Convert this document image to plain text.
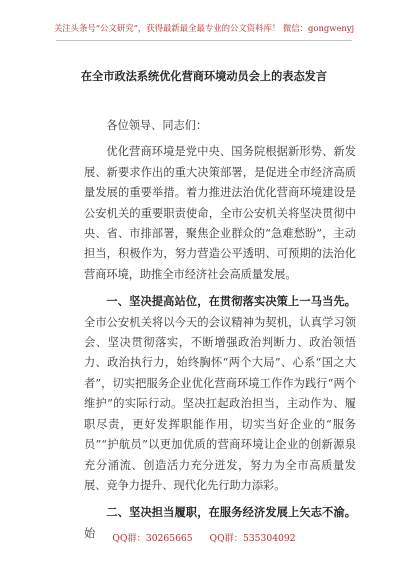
关注头条号“公文研究”，获得最新最全最专业的公文资料库！ 微信：gongwenyj
在全市政法系统优化营商环境动员会上的表态发言

各位领导、同志们：

优化营商环境是党中央、国务院根据新形势、新发展、新要求作出的重大决策部署，是促进全市经济高质量发展的重要举措。着力推进法治优化营商环境建设是公安机关的重要职责使命，全市公安机关将坚决贯彻中央、省、市排部署，聚焦企业群众的“急难愁盼”，主动担当，积极作为，努力营造公平透明、可预期的法治化营商环境，助推全市经济社会高质量发展。

一、坚决提高站位，在贯彻落实决策上一马当先。全市公安机关将以今天的会议精神为契机，认真学习领会、坚决贯彻落实，不断增强政治判断力、政治领悟力、政治执行力，始终胸怀“两个大局”、心系“国之大者”，切实把服务企业优化营商环境工作作为践行“两个维护”的实际行动。坚决扛起政治担当，主动作为、履职尽责，更好发挥职能作用，切实当好企业的“服务员”“护航员”以更加优质的营商环境让企业的创新源泉充分涌流、创造活力充分迸发，努力为全市高质量发展、竞争力提升、现代化先行助力添彩。

二、坚决担当履职，在服务经济发展上矢志不渝。始	QQ群：30265665 QQ群：535304092
